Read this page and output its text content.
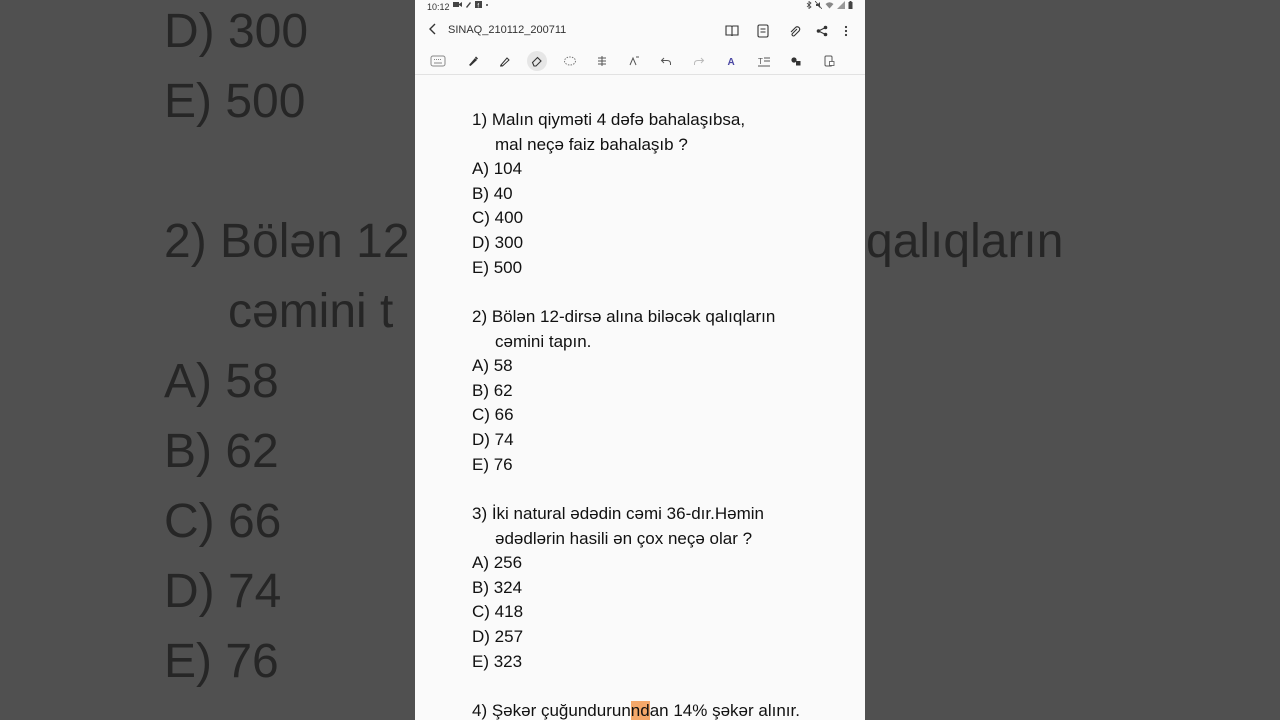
D) 300
E) 500
2) Bölən 12	qalıqların
cəmini t
A) 58
B) 62
C) 66
D) 74
E) 76
10:12	f
SINAQ_210112_200711
A	T
1) Malın qiyməti 4 dəfə bahalaşıbsa,
mal neçə faiz bahalaşıb ?
A) 104
B) 40
C) 400
D) 300
E) 500
2) Bölən 12-dirsə alına biləcək qalıqların
cəmini tapın.
A) 58
B) 62
C) 66
D) 74
E) 76
3) İki natural ədədin cəmi 36-dır.Həmin
ədədlərin hasili ən çox neçə olar ?
A) 256
B) 324
C) 418
D) 257
E) 323
4) Şəkər çuğundurunndan 14% şəkər alınır.
